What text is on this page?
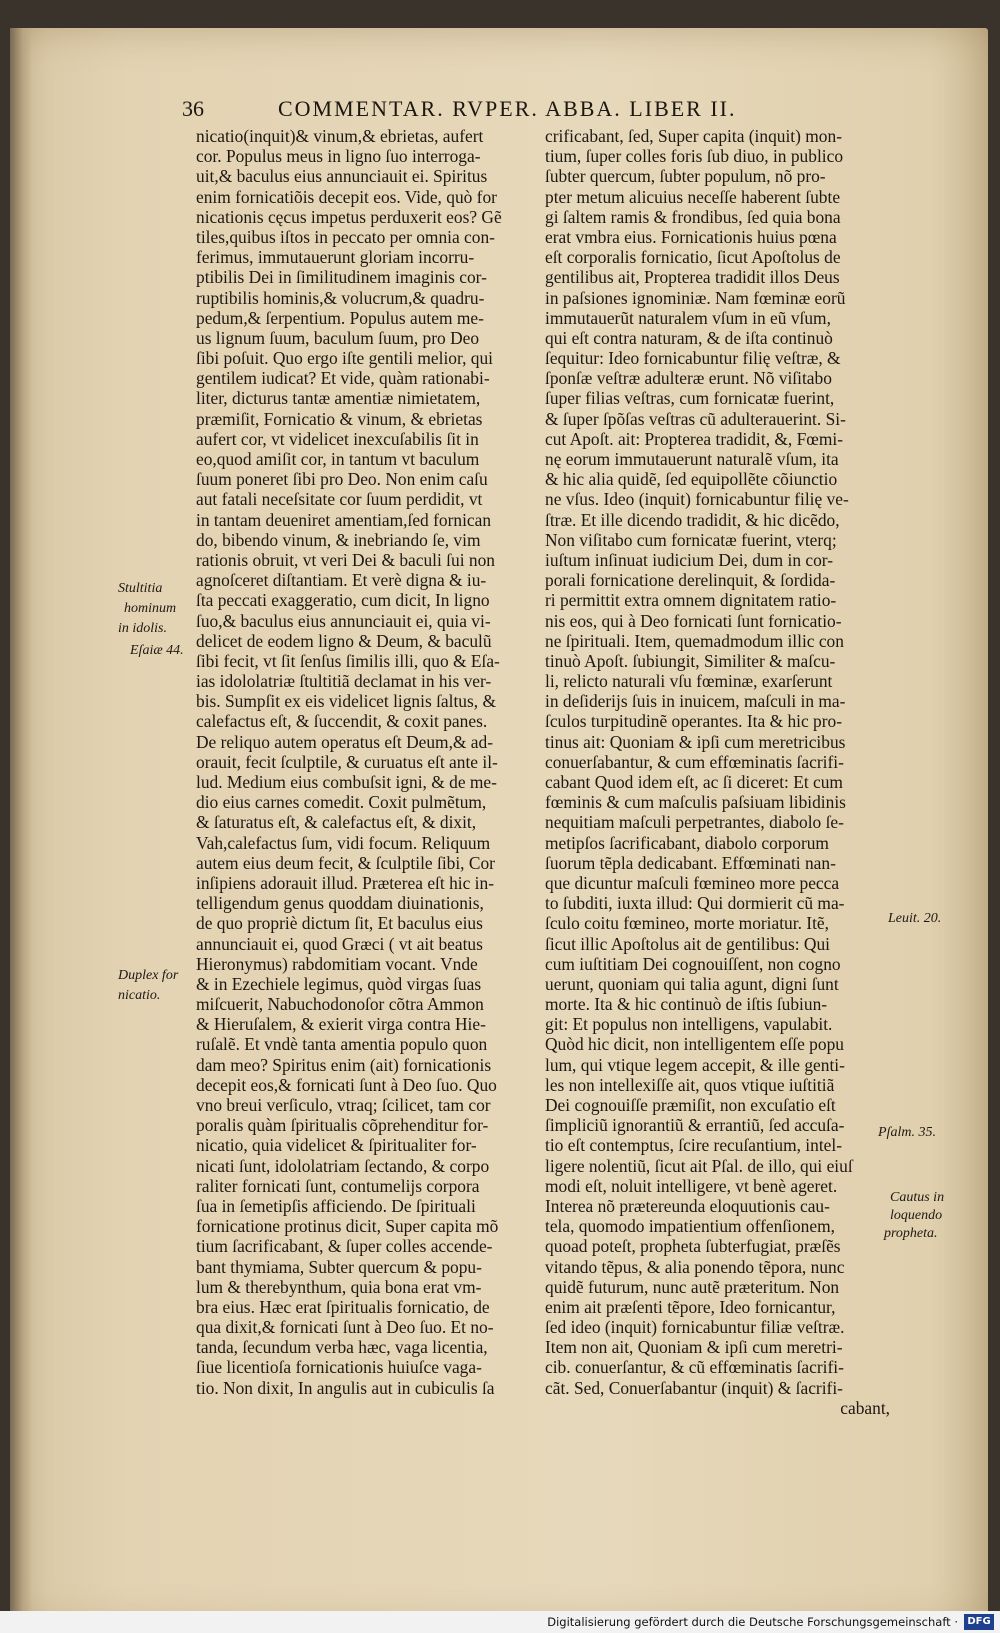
36	COMMENTAR. RVPER. ABBA. LIBER II.
nicatio(inquit)& vinum,& ebrietas, aufert
cor. Populus meus in ligno ſuo interroga-
uit,& baculus eius annunciauit ei. Spiritus
enim fornicatiõis decepit eos. Vide, quò for
nicationis cęcus impetus perduxerit eos? Gẽ
tiles,quibus iſtos in peccato per omnia con-
ferimus, immutauerunt gloriam incorru-
ptibilis Dei in ſimilitudinem imaginis cor-
ruptibilis hominis,& volucrum,& quadru-
pedum,& ſerpentium. Populus autem me-
us lignum ſuum, baculum ſuum, pro Deo
ſibi poſuit. Quo ergo iſte gentili melior, qui
gentilem iudicat? Et vide, quàm rationabi-
liter, dicturus tantæ amentiæ nimietatem,
præmiſit, Fornicatio & vinum, & ebrietas
aufert cor, vt videlicet inexcuſabilis ſit in
eo,quod amiſit cor, in tantum vt baculum
ſuum poneret ſibi pro Deo. Non enim caſu
aut fatali neceſsitate cor ſuum perdidit, vt
in tantam deueniret amentiam,ſed fornican
do, bibendo vinum, & inebriando ſe, vim
rationis obruit, vt veri Dei & baculi ſui non
agnoſceret diſtantiam. Et verè digna & iu-
ſta peccati exaggeratio, cum dicit, In ligno
ſuo,& baculus eius annunciauit ei, quia vi-
delicet de eodem ligno & Deum, & baculũ
ſibi fecit, vt ſit ſenſus ſimilis illi, quo & Eſa-
ias idololatriæ ſtultitiã declamat in his ver-
bis. Sumpſit ex eis videlicet lignis ſaltus, &
calefactus eſt, & ſuccendit, & coxit panes.
De reliquo autem operatus eſt Deum,& ad-
orauit, fecit ſculptile, & curuatus eſt ante il-
lud. Medium eius combuſsit igni, & de me-
dio eius carnes comedit. Coxit pulmẽtum,
& ſaturatus eſt, & calefactus eſt, & dixit,
Vah,calefactus ſum, vidi focum. Reliquum
autem eius deum fecit, & ſculptile ſibi, Cor
inſipiens adorauit illud. Præterea eſt hic in-
telligendum genus quoddam diuinationis,
de quo propriè dictum ſit, Et baculus eius
annunciauit ei, quod Græci ( vt ait beatus
Hieronymus) rabdomitiam vocant. Vnde
& in Ezechiele legimus, quòd virgas ſuas
miſcuerit, Nabuchodonoſor cõtra Ammon
& Hieruſalem, & exierit virga contra Hie-
ruſalẽ. Et vndè tanta amentia populo quon
dam meo? Spiritus enim (ait) fornicationis
decepit eos,& fornicati ſunt à Deo ſuo. Quo
vno breui verſiculo, vtraq; ſcilicet, tam cor
poralis quàm ſpiritualis cõprehenditur for-
nicatio, quia videlicet & ſpiritualiter for-
nicati ſunt, idololatriam ſectando, & corpo
raliter fornicati ſunt, contumelijs corpora
ſua in ſemetipſis afficiendo. De ſpirituali
fornicatione protinus dicit, Super capita mõ
tium ſacrificabant, & ſuper colles accende-
bant thymiama, Subter quercum & popu-
lum & therebynthum, quia bona erat vm-
bra eius. Hæc erat ſpiritualis fornicatio, de
qua dixit,& fornicati ſunt à Deo ſuo. Et no-
tanda, ſecundum verba hæc, vaga licentia,
ſiue licentioſa fornicationis huiuſce vaga-
tio. Non dixit, In angulis aut in cubiculis ſa
crificabant, ſed, Super capita (inquit) mon-
tium, ſuper colles foris ſub diuo, in publico
ſubter quercum, ſubter populum, nõ pro-
pter metum alicuius neceſſe haberent ſubte
gi ſaltem ramis & frondibus, ſed quia bona
erat vmbra eius. Fornicationis huius pœna
eſt corporalis fornicatio, ſicut Apoſtolus de
gentilibus ait, Propterea tradidit illos Deus
in paſsiones ignominiæ. Nam fœminæ eorũ
immutauerũt naturalem vſum in eũ vſum,
qui eſt contra naturam, & de iſta continuò
ſequitur: Ideo fornicabuntur filię veſtræ, &
ſponſæ veſtræ adulteræ erunt. Nõ viſitabo
ſuper filias veſtras, cum fornicatæ fuerint,
& ſuper ſpõſas veſtras cũ adulterauerint. Si-
cut Apoſt. ait: Propterea tradidit, &, Fœmi-
nę eorum immutauerunt naturalẽ vſum, ita
& hic alia quidẽ, ſed equipollẽte cõiunctio
ne vſus. Ideo (inquit) fornicabuntur filię ve-
ſtræ. Et ille dicendo tradidit, & hic dicẽdo,
Non viſitabo cum fornicatæ fuerint, vterq;
iuſtum inſinuat iudicium Dei, dum in cor-
porali fornicatione derelinquit, & ſordida-
ri permittit extra omnem dignitatem ratio-
nis eos, qui à Deo fornicati ſunt fornicatio-
ne ſpirituali. Item, quemadmodum illic con
tinuò Apoſt. ſubiungit, Similiter & maſcu-
li, relicto naturali vſu fœminæ, exarſerunt
in deſiderijs ſuis in inuicem, maſculi in ma-
ſculos turpitudinẽ operantes. Ita & hic pro-
tinus ait: Quoniam & ipſi cum meretricibus
conuerſabantur, & cum effœminatis ſacrifi-
cabant Quod idem eſt, ac ſi diceret: Et cum
fœminis & cum maſculis paſsiuam libidinis
nequitiam maſculi perpetrantes, diabolo ſe-
metipſos ſacrificabant, diabolo corporum
ſuorum tẽpla dedicabant. Effœminati nan-
que dicuntur maſculi fœmineo more pecca
to ſubditi, iuxta illud: Qui dormierit cũ ma-
ſculo coitu fœmineo, morte moriatur. Itẽ,
ſicut illic Apoſtolus ait de gentilibus: Qui
cum iuſtitiam Dei cognouiſſent, non cogno
uerunt, quoniam qui talia agunt, digni ſunt
morte. Ita & hic continuò de iſtis ſubiun-
git: Et populus non intelligens, vapulabit.
Quòd hic dicit, non intelligentem eſſe popu
lum, qui vtique legem accepit, & ille genti-
les non intellexiſſe ait, quos vtique iuſtitiã
Dei cognouiſſe præmiſit, non excuſatio eſt
ſimpliciũ ignorantiũ & errantiũ, ſed accuſa-
tio eſt contemptus, ſcire recuſantium, intel-
ligere nolentiũ, ſicut ait Pſal. de illo, qui eiuſ
modi eſt, noluit intelligere, vt benè ageret.
Interea nõ prætereunda eloquutionis cau-
tela, quomodo impatientium offenſionem,
quoad poteſt, propheta ſubterfugiat, præſẽs
vitando tẽpus, & alia ponendo tẽpora, nunc
quidẽ futurum, nunc autẽ præteritum. Non
enim ait præſenti tẽpore, Ideo fornicantur,
ſed ideo (inquit) fornicabuntur filiæ veſtræ.
Item non ait, Quoniam & ipſi cum meretri-
cib. conuerſantur, & cũ effœminatis ſacrifi-
cãt. Sed, Conuerſabantur (inquit) & ſacrifi-
cabant,
Stultitia
hominum
in idolis.
Eſaiæ 44.
Duplex for
nicatio.
Leuit. 20.
Pſalm. 35.
Cautus in
loquendo
propheta.
Digitalisierung gefördert durch die Deutsche Forschungsgemeinschaft · DFG
